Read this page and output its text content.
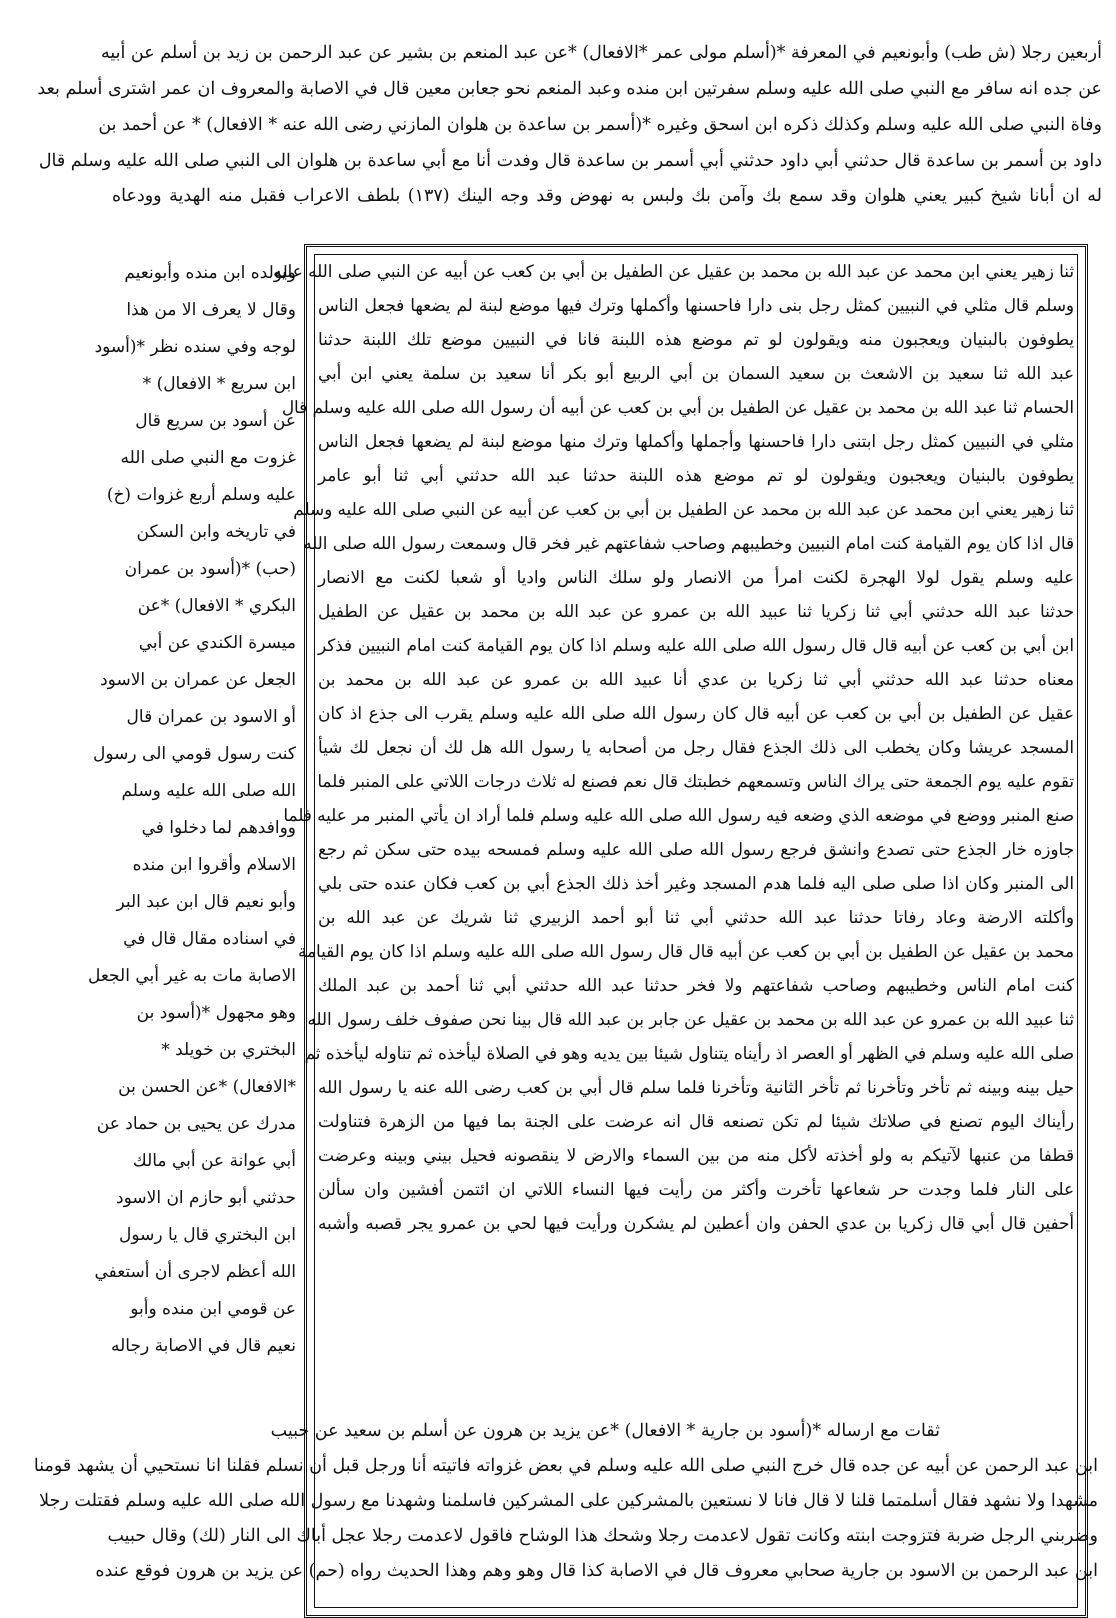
أربعين رجلا (ش طب) وأبونعيم في المعرفة *(أسلم مولى عمر *الافعال) *عن عبد المنعم بن بشير عن عبد الرحمن بن زيد بن أسلم عن أبيه
عن جده انه سافر مع النبي صلى الله عليه وسلم سفرتين ابن منده وعبد المنعم نحو جعابن معين قال في الاصابة والمعروف ان عمر اشترى أسلم بعد
وفاة النبي صلى الله عليه وسلم وكذلك ذكره ابن اسحق وغيره *(أسمر بن ساعدة بن هلوان المازني رضى الله عنه * الافعال) * عن أحمد بن
داود بن أسمر بن ساعدة قال حدثني أبي داود حدثني أبي أسمر بن ساعدة قال وفدت أنا مع أبي ساعدة بن هلوان الى النبي صلى الله عليه وسلم قال
له ان أبانا شيخ كبير يعني هلوان وقد سمع بك وآمن بك ولبس به نهوض وقد وجه الينك (١٣٧) بلطف الاعراب فقبل منه الهدية وودعاه
ثنا زهير يعني ابن محمد عن عبد الله بن محمد بن عقيل عن الطفيل بن أبي بن كعب عن أبيه عن النبي صلى الله عليه
وسلم قال مثلي في النبيين كمثل رجل بنى دارا فاحسنها وأكملها وترك فيها موضع لبنة لم يضعها فجعل الناس
يطوفون بالبنيان ويعجبون منه ويقولون لو تم موضع هذه اللبنة فانا في النبيين موضع تلك اللبنة حدثنا
عبد الله ثنا سعيد بن الاشعث بن سعيد السمان بن أبي الربيع أبو بكر أنا سعيد بن سلمة يعني ابن أبي
الحسام ثنا عبد الله بن محمد بن عقيل عن الطفيل بن أبي بن كعب عن أبيه أن رسول الله صلى الله عليه وسلم قال
مثلي في النبيين كمثل رجل ابتنى دارا فاحسنها وأجملها وأكملها وترك منها موضع لبنة لم يضعها فجعل الناس
يطوفون بالبنيان ويعجبون ويقولون لو تم موضع هذه اللبنة حدثنا عبد الله حدثني أبي ثنا أبو عامر
ثنا زهير يعني ابن محمد عن عبد الله بن محمد عن الطفيل بن أبي بن كعب عن أبيه عن النبي صلى الله عليه وسلم
قال اذا كان يوم القيامة كنت امام النبيين وخطيبهم وصاحب شفاعتهم غير فخر قال وسمعت رسول الله صلى الله
عليه وسلم يقول لولا الهجرة لكنت امرأ من الانصار ولو سلك الناس واديا أو شعبا لكنت مع الانصار
حدثنا عبد الله حدثني أبي ثنا زكريا ثنا عبيد الله بن عمرو عن عبد الله بن محمد بن عقيل عن الطفيل
ابن أبي بن كعب عن أبيه قال قال رسول الله صلى الله عليه وسلم اذا كان يوم القيامة كنت امام النبيين فذكر
معناه حدثنا عبد الله حدثني أبي ثنا زكريا بن عدي أنا عبيد الله بن عمرو عن عبد الله بن محمد بن
عقيل عن الطفيل بن أبي بن كعب عن أبيه قال كان رسول الله صلى الله عليه وسلم يقرب الى جذع اذ كان
المسجد عريشا وكان يخطب الى ذلك الجذع فقال رجل من أصحابه يا رسول الله هل لك أن نجعل لك شيأ
تقوم عليه يوم الجمعة حتى يراك الناس وتسمعهم خطبتك قال نعم فصنع له ثلاث درجات اللاتي على المنبر فلما
صنع المنبر ووضع في موضعه الذي وضعه فيه رسول الله صلى الله عليه وسلم فلما أراد ان يأتي المنبر مر عليه فلما
جاوزه خار الجذع حتى تصدع وانشق فرجع رسول الله صلى الله عليه وسلم فمسحه بيده حتى سكن ثم رجع
الى المنبر وكان اذا صلى صلى اليه فلما هدم المسجد وغير أخذ ذلك الجذع أبي بن كعب فكان عنده حتى بلي
وأكلته الارضة وعاد رفاتا حدثنا عبد الله حدثني أبي ثنا أبو أحمد الزبيري ثنا شريك عن عبد الله بن
محمد بن عقيل عن الطفيل بن أبي بن كعب عن أبيه قال قال رسول الله صلى الله عليه وسلم اذا كان يوم القيامة
كنت امام الناس وخطيبهم وصاحب شفاعتهم ولا فخر حدثنا عبد الله حدثني أبي ثنا أحمد بن عبد الملك
ثنا عبيد الله بن عمرو عن عبد الله بن محمد بن عقيل عن جابر بن عبد الله قال بينا نحن صفوف خلف رسول الله
صلى الله عليه وسلم في الظهر أو العصر اذ رأيناه يتناول شيئا بين يديه وهو في الصلاة ليأخذه ثم تناوله ليأخذه ثم
حيل بينه وبينه ثم تأخر وتأخرنا ثم تأخر الثانية وتأخرنا فلما سلم قال أبي بن كعب رضى الله عنه يا رسول الله
رأيناك اليوم تصنع في صلاتك شيئا لم تكن تصنعه قال انه عرضت على الجنة بما فيها من الزهرة فتناولت
قطفا من عنبها لآتيكم به ولو أخذته لأكل منه من بين السماء والارض لا ينقصونه فحيل بيني وبينه وعرضت
على النار فلما وجدت حر شعاعها تأخرت وأكثر من رأيت فيها النساء اللاتي ان ائتمن أفشين وان سألن
أحفين قال أبي قال زكريا بن عدي الحفن وان أعطين لم يشكرن ورأيت فيها لحي بن عمرو يجر قصبه وأشبه
ولولده ابن منده وأبونعيم
وقال لا يعرف الا من هذا
لوجه وفي سنده نظر *(أسود
ابن سريع * الافعال) *
عن أسود بن سريع قال
غزوت مع النبي صلى الله
عليه وسلم أربع غزوات (خ)
في تاريخه وابن السكن
(حب) *(أسود بن عمران
البكري * الافعال) *عن
ميسرة الكندي عن أبي
الجعل عن عمران بن الاسود
أو الاسود بن عمران قال
كنت رسول قومي الى رسول
الله صلى الله عليه وسلم
ووافدهم لما دخلوا في
الاسلام وأقروا ابن منده
وأبو نعيم قال ابن عبد البر
في اسناده مقال قال في
الاصابة مات به غير أبي الجعل
وهو مجهول *(أسود بن
البختري بن خويلد *
*الافعال) *عن الحسن بن
مدرك عن يحيى بن حماد عن
أبي عوانة عن أبي مالك
حدثني أبو حازم ان الاسود
ابن البختري قال يا رسول
الله أعظم لاجرى أن أستعفي
عن قومي ابن منده وأبو
نعيم قال في الاصابة رجاله
ثقات مع ارساله *(أسود بن جارية * الافعال) *عن يزيد بن هرون عن أسلم بن سعيد عن حبيب
ابن عبد الرحمن عن أبيه عن جده قال خرج النبي صلى الله عليه وسلم في بعض غزواته فاتيته أنا ورجل قبل أن نسلم فقلنا انا نستحيي أن يشهد قومنا
مشهدا ولا نشهد فقال أسلمتما قلنا لا قال فانا لا نستعين بالمشركين على المشركين فاسلمنا وشهدنا مع رسول الله صلى الله عليه وسلم فقتلت رجلا
وضربني الرجل ضربة فتزوجت ابنته وكانت تقول لاعدمت رجلا وشحك هذا الوشاح فاقول لاعدمت رجلا عجل أباك الى النار (لك) وقال حبيب
ابن عبد الرحمن بن الاسود بن جارية صحابي معروف قال في الاصابة كذا قال وهو وهم وهذا الحديث رواه (حم) عن يزيد بن هرون فوقع عنده
